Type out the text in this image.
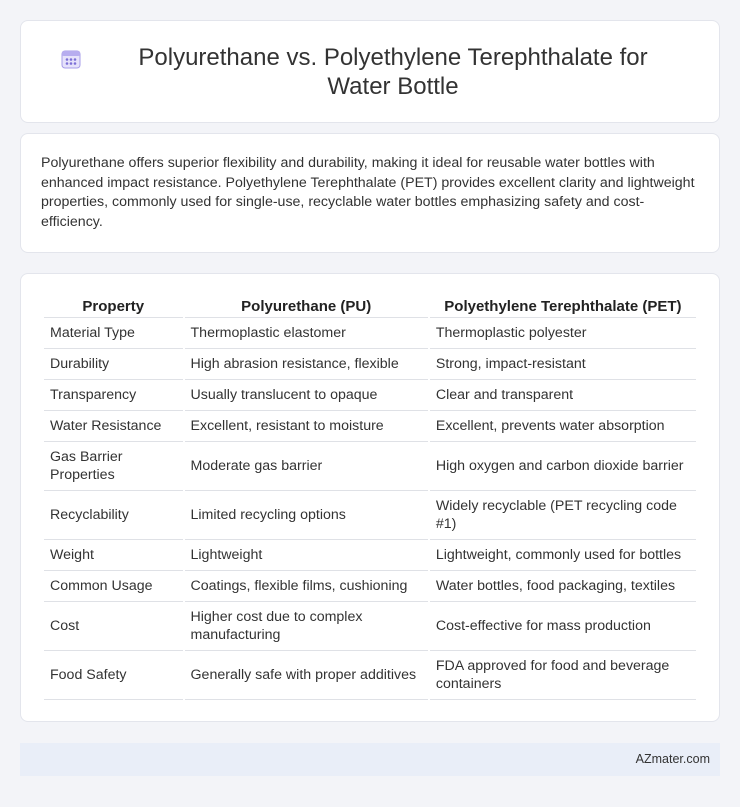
Polyurethane vs. Polyethylene Terephthalate for Water Bottle

Polyurethane offers superior flexibility and durability, making it ideal for reusable water bottles with enhanced impact resistance. Polyethylene Terephthalate (PET) provides excellent clarity and lightweight properties, commonly used for single-use, recyclable water bottles emphasizing safety and cost-efficiency.

Property	Polyurethane (PU)	Polyethylene Terephthalate (PET)
Material Type	Thermoplastic elastomer	Thermoplastic polyester
Durability	High abrasion resistance, flexible	Strong, impact-resistant
Transparency	Usually translucent to opaque	Clear and transparent
Water Resistance	Excellent, resistant to moisture	Excellent, prevents water absorption
Gas Barrier Properties	Moderate gas barrier	High oxygen and carbon dioxide barrier
Recyclability	Limited recycling options	Widely recyclable (PET recycling code #1)
Weight	Lightweight	Lightweight, commonly used for bottles
Common Usage	Coatings, flexible films, cushioning	Water bottles, food packaging, textiles
Cost	Higher cost due to complex manufacturing	Cost-effective for mass production
Food Safety	Generally safe with proper additives	FDA approved for food and beverage containers
AZmater.com
